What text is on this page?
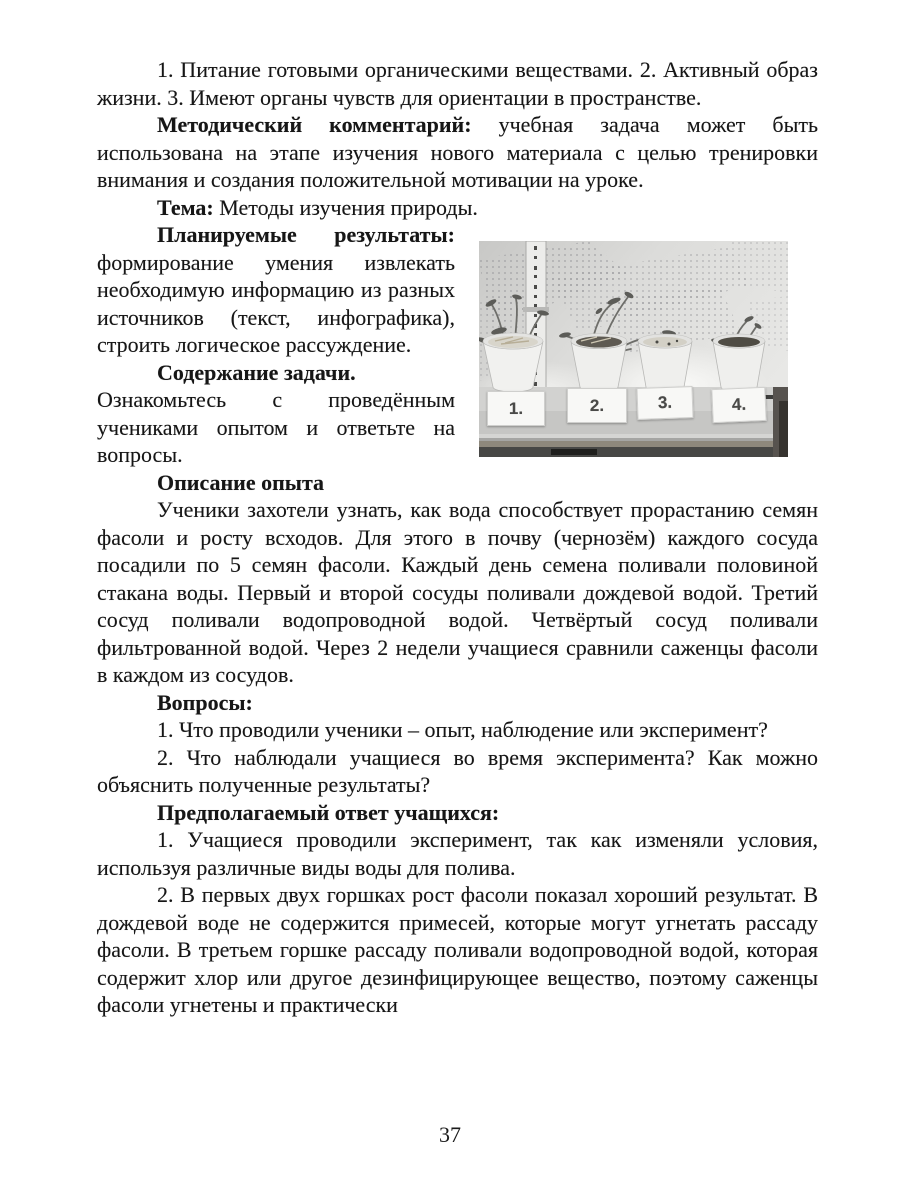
1. Питание готовыми органическими веществами. 2. Активный образ жизни. 3. Имеют органы чувств для ориентации в пространстве.

Методический комментарий: учебная задача может быть использована на этапе изучения нового материала с целью тренировки внимания и создания положительной мотивации на уроке.

Тема: Методы изучения природы.

1.	2.	3.	4.

Планируемые результаты: формирование умения извлекать необходимую информацию из разных источников (текст, инфографика), строить логическое рассуждение.

Содержание задачи.

Ознакомьтесь с проведённым учениками опытом и ответьте на вопросы.

Описание опыта

Ученики захотели узнать, как вода способствует прорастанию семян фасоли и росту всходов. Для этого в почву (чернозём) каждого сосуда посадили по 5 семян фасоли. Каждый день семена поливали половиной стакана воды. Первый и второй сосуды поливали дождевой водой. Третий сосуд поливали водопроводной водой. Четвёртый сосуд поливали фильтрованной водой. Через 2 недели учащиеся сравнили саженцы фасоли в каждом из сосудов.

Вопросы:

1. Что проводили ученики – опыт, наблюдение или эксперимент?

2. Что наблюдали учащиеся во время эксперимента? Как можно объяснить полученные результаты?

Предполагаемый ответ учащихся:

1. Учащиеся проводили эксперимент, так как изменяли условия, используя различные виды воды для полива.

2. В первых двух горшках рост фасоли показал хороший результат. В дождевой воде не содержится примесей, которые могут угнетать рассаду фасоли. В третьем горшке рассаду поливали водопроводной водой, которая содержит хлор или другое дезинфицирующее вещество, поэтому саженцы фасоли угнетены и практически

37
